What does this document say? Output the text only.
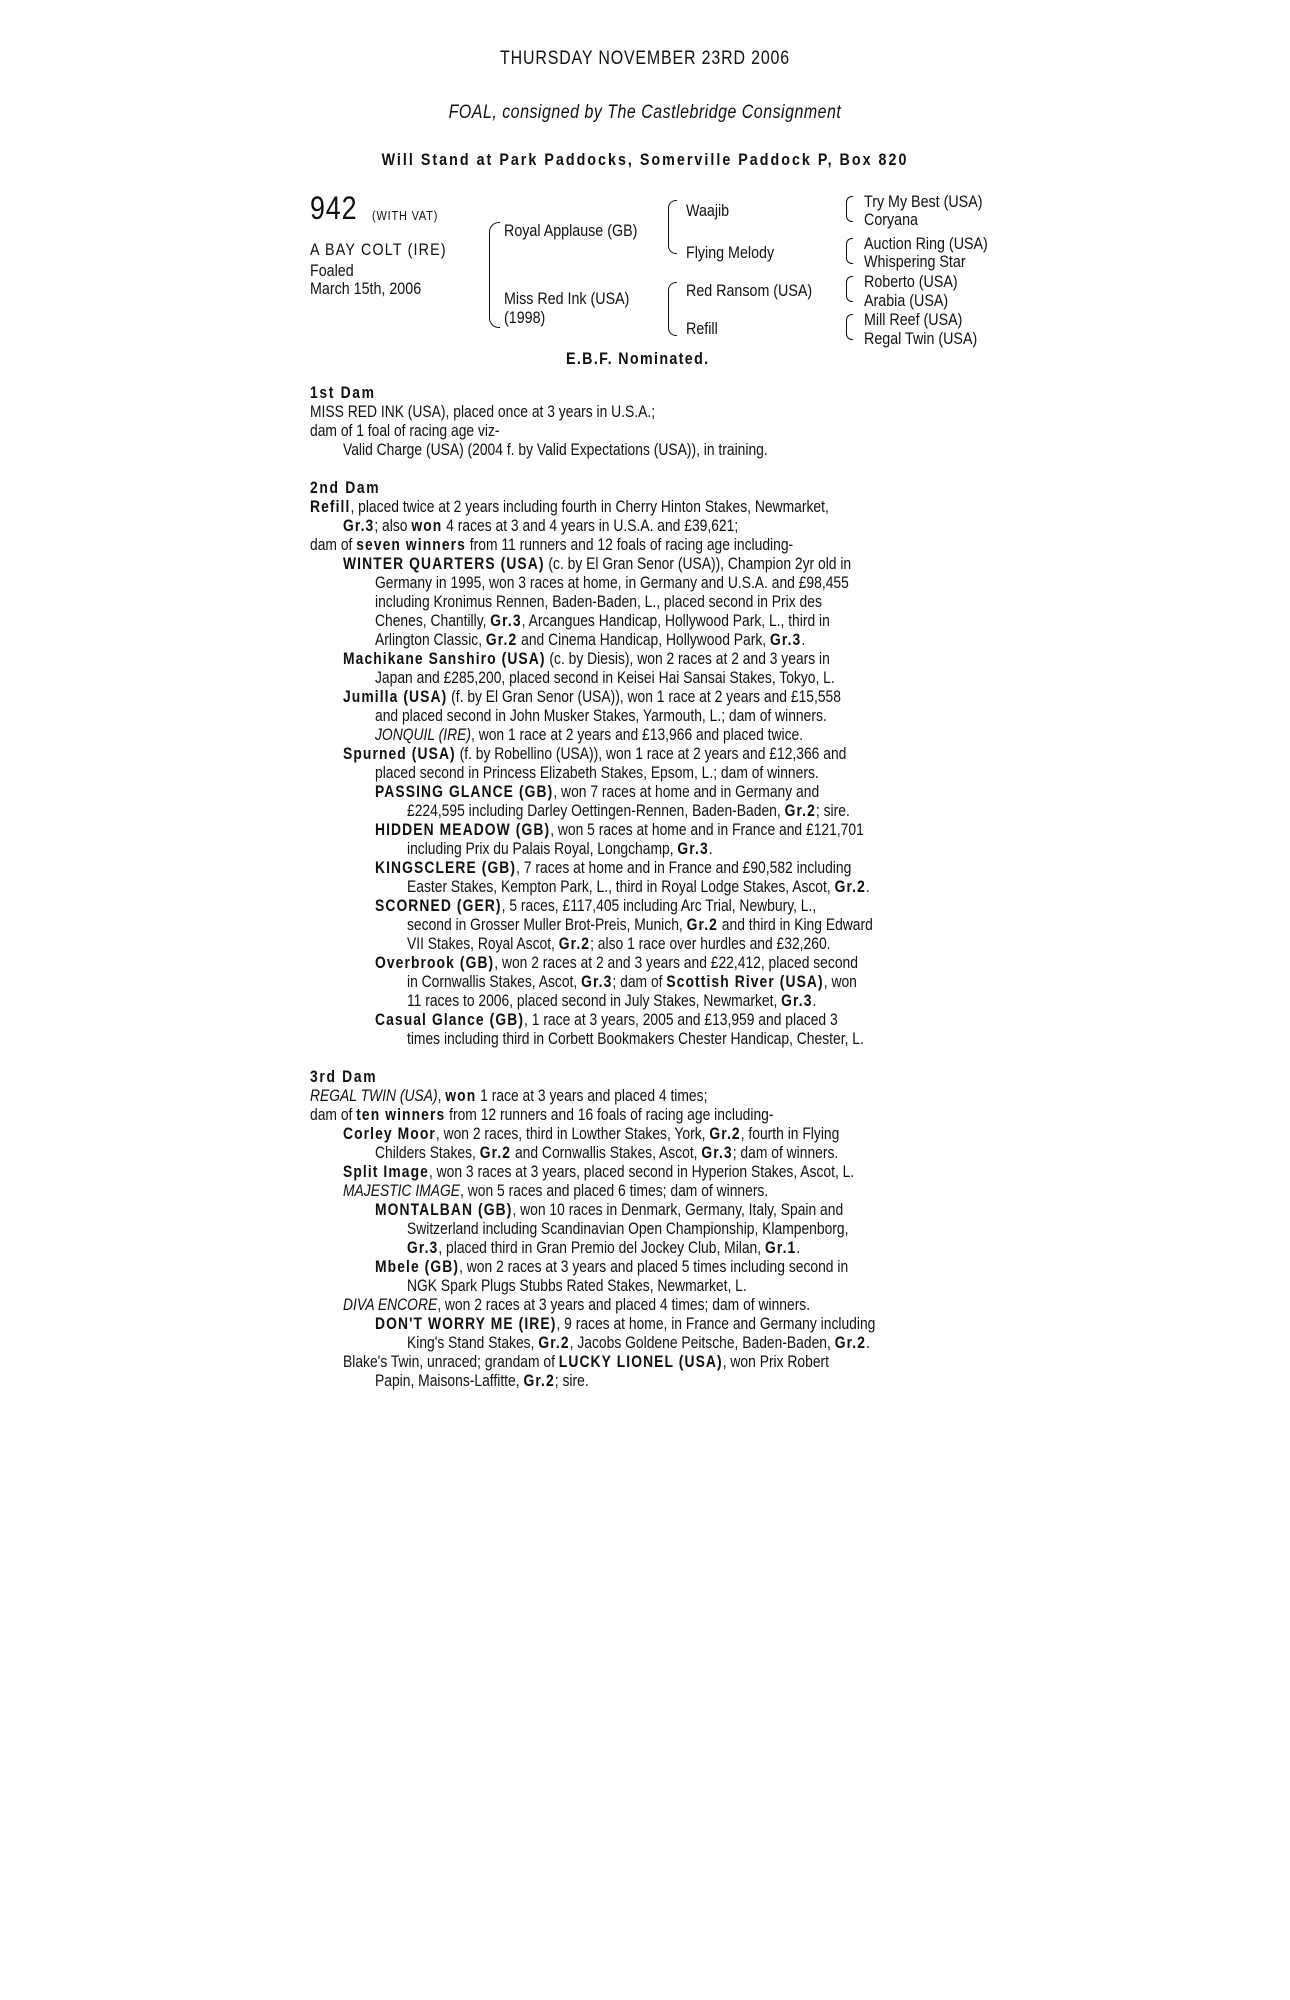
THURSDAY NOVEMBER 23RD 2006
FOAL, consigned by The Castlebridge Consignment
Will Stand at Park Paddocks, Somerville Paddock P, Box 820
942 (WITH VAT)
A BAY COLT (IRE)
Foaled
March 15th, 2006
Royal Applause (GB)
Miss Red Ink (USA)
(1998)
Waajib
Flying Melody
Red Ransom (USA)
Refill
Try My Best (USA)
Coryana
Auction Ring (USA)
Whispering Star
Roberto (USA)
Arabia (USA)
Mill Reef (USA)
Regal Twin (USA)
E.B.F. Nominated.
1st Dam
MISS RED INK (USA), placed once at 3 years in U.S.A.;
dam of 1 foal of racing age viz-
Valid Charge (USA) (2004 f. by Valid Expectations (USA)), in training.
2nd Dam
Refill, placed twice at 2 years including fourth in Cherry Hinton Stakes, Newmarket,
Gr.3; also won 4 races at 3 and 4 years in U.S.A. and £39,621;
dam of seven winners from 11 runners and 12 foals of racing age including-
WINTER QUARTERS (USA) (c. by El Gran Senor (USA)), Champion 2yr old in
Germany in 1995, won 3 races at home, in Germany and U.S.A. and £98,455
including Kronimus Rennen, Baden-Baden, L., placed second in Prix des
Chenes, Chantilly, Gr.3, Arcangues Handicap, Hollywood Park, L., third in
Arlington Classic, Gr.2 and Cinema Handicap, Hollywood Park, Gr.3.
Machikane Sanshiro (USA) (c. by Diesis), won 2 races at 2 and 3 years in
Japan and £285,200, placed second in Keisei Hai Sansai Stakes, Tokyo, L.
Jumilla (USA) (f. by El Gran Senor (USA)), won 1 race at 2 years and £15,558
and placed second in John Musker Stakes, Yarmouth, L.; dam of winners.
JONQUIL (IRE), won 1 race at 2 years and £13,966 and placed twice.
Spurned (USA) (f. by Robellino (USA)), won 1 race at 2 years and £12,366 and
placed second in Princess Elizabeth Stakes, Epsom, L.; dam of winners.
PASSING GLANCE (GB), won 7 races at home and in Germany and
£224,595 including Darley Oettingen-Rennen, Baden-Baden, Gr.2; sire.
HIDDEN MEADOW (GB), won 5 races at home and in France and £121,701
including Prix du Palais Royal, Longchamp, Gr.3.
KINGSCLERE (GB), 7 races at home and in France and £90,582 including
Easter Stakes, Kempton Park, L., third in Royal Lodge Stakes, Ascot, Gr.2.
SCORNED (GER), 5 races, £117,405 including Arc Trial, Newbury, L.,
second in Grosser Muller Brot-Preis, Munich, Gr.2 and third in King Edward
VII Stakes, Royal Ascot, Gr.2; also 1 race over hurdles and £32,260.
Overbrook (GB), won 2 races at 2 and 3 years and £22,412, placed second
in Cornwallis Stakes, Ascot, Gr.3; dam of Scottish River (USA), won
11 races to 2006, placed second in July Stakes, Newmarket, Gr.3.
Casual Glance (GB), 1 race at 3 years, 2005 and £13,959 and placed 3
times including third in Corbett Bookmakers Chester Handicap, Chester, L.
3rd Dam
REGAL TWIN (USA), won 1 race at 3 years and placed 4 times;
dam of ten winners from 12 runners and 16 foals of racing age including-
Corley Moor, won 2 races, third in Lowther Stakes, York, Gr.2, fourth in Flying
Childers Stakes, Gr.2 and Cornwallis Stakes, Ascot, Gr.3; dam of winners.
Split Image, won 3 races at 3 years, placed second in Hyperion Stakes, Ascot, L.
MAJESTIC IMAGE, won 5 races and placed 6 times; dam of winners.
MONTALBAN (GB), won 10 races in Denmark, Germany, Italy, Spain and
Switzerland including Scandinavian Open Championship, Klampenborg,
Gr.3, placed third in Gran Premio del Jockey Club, Milan, Gr.1.
Mbele (GB), won 2 races at 3 years and placed 5 times including second in
NGK Spark Plugs Stubbs Rated Stakes, Newmarket, L.
DIVA ENCORE, won 2 races at 3 years and placed 4 times; dam of winners.
DON'T WORRY ME (IRE), 9 races at home, in France and Germany including
King's Stand Stakes, Gr.2, Jacobs Goldene Peitsche, Baden-Baden, Gr.2.
Blake's Twin, unraced; grandam of LUCKY LIONEL (USA), won Prix Robert
Papin, Maisons-Laffitte, Gr.2; sire.
